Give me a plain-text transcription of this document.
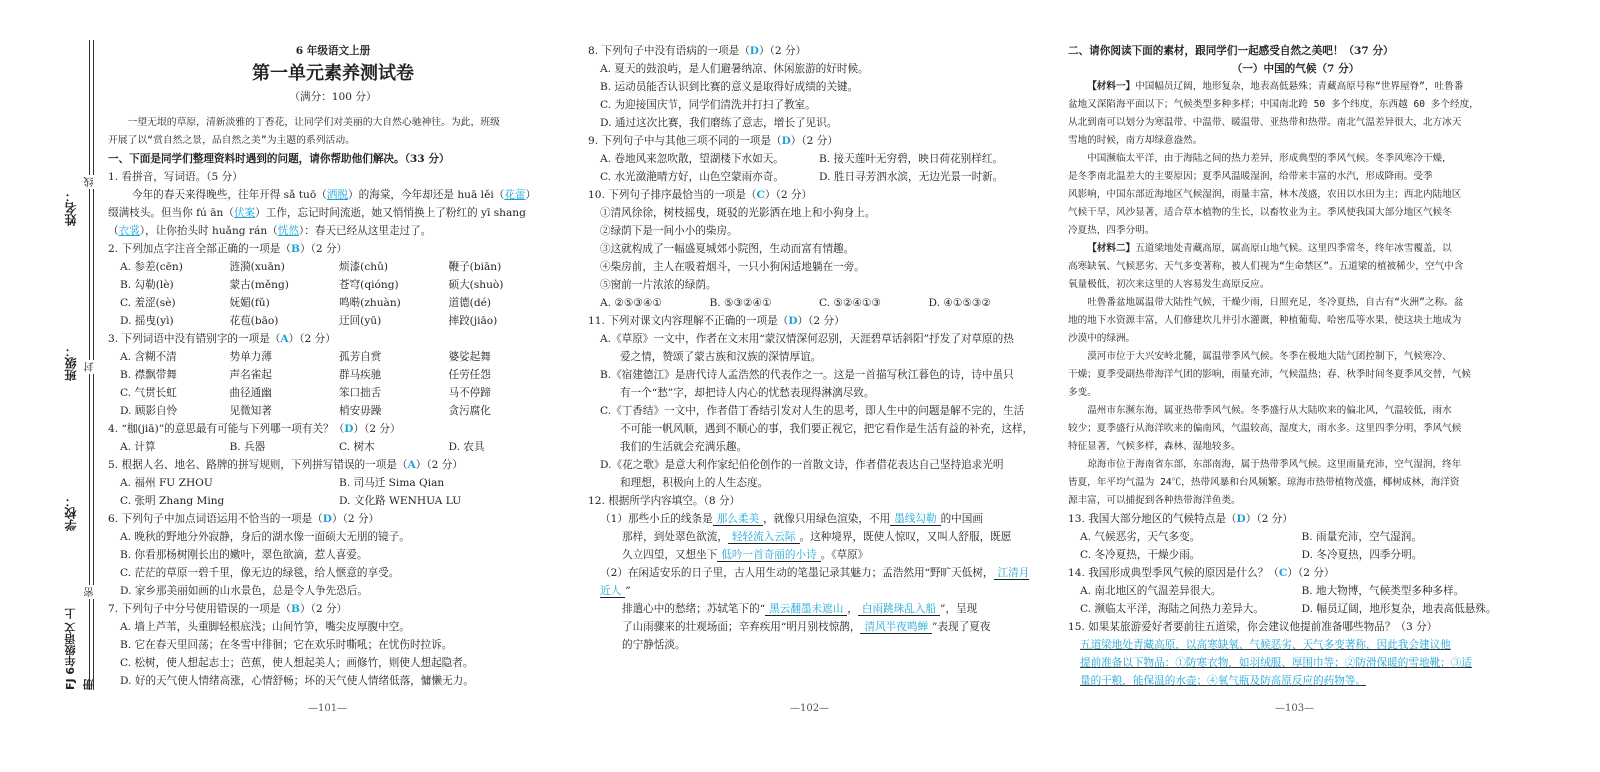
姓名：
班级：
学校：
FJ 6年级语文 上册
线
封
密
6 年级语文上册
第一单元素养测试卷
（满分：100 分）
一望无垠的草原，清新淡雅的丁香花，让同学们对美丽的大自然心驰神往。为此，班级
开展了以“赏自然之景，品自然之美”为主题的系列活动。
一、下面是同学们整理资料时遇到的问题，请你帮助他们解决。（33 分）
1. 看拼音，写词语。（5 分）
今年的春天来得晚些，往年开得 sǎ tuō（洒脱）的海棠，今年却还是 huā lěi（花蕾）
缀满枝头。但当你 fú ān（伏案）工作，忘记时间流逝，她又悄悄换上了粉红的 yī shang
（衣裳），让你抬头时 huǎng rán（恍然）：春天已经从这里走过了。
2. 下列加点字注音全部正确的一项是（B）（2 分）
A. 参差(cēn)	涟漪(xuān)	烦漆(chǔ)	鞭子(biān)
B. 勾勒(lè)	蒙古(měng)	苍穹(qióng)	硕大(shuò)
C. 羞涩(sè)	妩媚(fǔ)	鸣啭(zhuàn)	道德(dé)
D. 摇曳(yì)	花苞(bāo)	迂回(yū)	摔跤(jiāo)
3. 下列词语中没有错别字的一项是（A）（2 分）
A. 含糊不清	势单力薄	孤芳自赏	婆娑起舞
B. 襟飘带舞	声名雀起	群马疾驰	任劳任怨
C. 气贯长虹	曲径通幽	笨口拙舌	马不停蹄
D. 顾影自怜	见微知著	梢安毋躁	贪污腐化
4. “枷(jiā)”的意思最有可能与下列哪一项有关？（D）（2 分）
A. 计算	B. 兵器	C. 树木	D. 农具
5. 根据人名、地名、路牌的拼写规则，下列拼写错误的一项是（A）（2 分）
A. 福州 FU ZHOU	B. 司马迁 Sima Qian
C. 张明 Zhang Ming	D. 文化路 WENHUA LU
6. 下列句子中加点词语运用不恰当的一项是（D）（2 分）
A. 晚秋的野地分外寂静，身后的湖水像一面硕大无朋的镜子。
B. 你看那杨树刚长出的嫩叶，翠色欲滴，惹人喜爱。
C. 茫茫的草原一碧千里，像无边的绿毯，给人惬意的享受。
D. 家乡那美丽如画的山水景色，总是令人争先恐后。
7. 下列句子中分号使用错误的一项是（B）（2 分）
A. 墙上芦苇，头重脚轻根底浅；山间竹笋，嘴尖皮厚腹中空。
B. 它在春天里回荡；在冬雪中徘徊；它在欢乐时嘶吼；在忧伤时拉诉。
C. 松树，使人想起志士；芭蕉，使人想起美人；画修竹，则使人想起隐者。
D. 好的天气使人情绪高涨，心情舒畅；坏的天气使人情绪低落，慵懒无力。
—101—
8. 下列句子中没有语病的一项是（D）（2 分）
A. 夏天的鼓浪屿，是人们避暑纳凉、休闲旅游的好时候。
B. 运动员能否认识到比赛的意义是取得好成绩的关键。
C. 为迎接国庆节，同学们清洗并打扫了教室。
D. 通过这次比赛，我们磨练了意志，增长了见识。
9. 下列句子中与其他三项不同的一项是（D）（2 分）
A. 卷地风来忽吹散，望湖楼下水如天。	B. 接天莲叶无穷碧，映日荷花别样红。
C. 水光潋滟晴方好，山色空蒙雨亦奇。	D. 胜日寻芳泗水滨，无边光景一时新。
10. 下列句子排序最恰当的一项是（C）（2 分）
①清风徐徐，树枝摇曳，斑驳的光影洒在地上和小狗身上。
②绿荫下是一间小小的柴房。
③这就构成了一幅盛夏城郊小院图，生动而富有情趣。
④柴房前，主人在吸着烟斗，一只小狗闲适地躺在一旁。
⑤窗前一片浓浓的绿荫。
A. ②⑤③④①	B. ⑤③②④①	C. ⑤②④①③	D. ④①⑤③②
11. 下列对课文内容理解不正确的一项是（D）（2 分）
A.《草原》一文中，作者在文末用“蒙汉情深何忍别，天涯碧草话斜阳”抒发了对草原的热
爱之情，赞颂了蒙古族和汉族的深情厚谊。
B.《宿建德江》是唐代诗人孟浩然的代表作之一。这是一首描写秋江暮色的诗，诗中虽只
有一个“愁”字，却把诗人内心的忧愁表现得淋漓尽致。
C.《丁香结》一文中，作者借丁香结引发对人生的思考，即人生中的问题是解不完的，生活
不可能一帆风顺，遇到不顺心的事，我们要正视它，把它看作是生活有益的补充，这样，
我们的生活就会充满乐趣。
D.《花之歌》是意大利作家纪伯伦创作的一首散文诗，作者借花表达自己坚持追求光明
和理想，积极向上的人生态度。
12. 根据所学内容填空。（8 分）
（1）那些小丘的线条是 那么柔美 ，就像只用绿色渲染，不用 墨线勾勒 的中国画
那样，到处翠色欲流， 轻轻流入云际 。这种境界，既使人惊叹，又叫人舒服，既愿
久立四望，又想坐下 低吟一首奇丽的小诗 。《草原》
（2）在闲适安乐的日子里，古人用生动的笔墨记录其魅力；孟浩然用“野旷天低树， 江清月近人 ”
排遣心中的愁绪；苏轼笔下的“ 黑云翻墨未遮山 ， 白雨跳珠乱入船 ”，呈现
了山雨骤来的壮观场面；辛弃疾用“明月别枝惊鹊， 清风半夜鸣蝉 ”表现了夏夜
的宁静恬淡。
—102—
二、请你阅读下面的素材，跟同学们一起感受自然之美吧！（37 分）
（一）中国的气候（7 分）
【材料一】中国幅员辽阔，地形复杂，地表高低悬殊；青藏高原号称“世界屋脊”，吐鲁番
盆地又深陷海平面以下；气候类型多种多样；中国南北跨 50 多个纬度，东西越 60 多个经度，
从北到南可以划分为寒温带、中温带、暖温带、亚热带和热带。南北气温差异很大，北方冰天
雪地的时候，南方却绿意盎然。
中国濒临太平洋，由于海陆之间的热力差异，形成典型的季风气候。冬季风寒冷干燥，
是冬季南北温差大的主要原因；夏季风温暖湿润，给带来丰富的水汽，形成降雨。受季
风影响，中国东部近海地区气候湿润，雨量丰富，林木茂盛，农田以水田为主；西北内陆地区
气候干旱，风沙显著，适合草本植物的生长，以畜牧业为主。季风使我国大部分地区气候冬
冷夏热，四季分明。
【材料二】五道梁地处青藏高原，属高原山地气候。这里四季常冬，终年冰雪覆盖，以
高寒缺氧、气候恶劣、天气多变著称，被人们视为“生命禁区”。五道梁的植被稀少，空气中含
氧量极低，初次来这里的人容易发生高原反应。
吐鲁番盆地属温带大陆性气候，干燥少雨，日照充足，冬冷夏热，自古有“火洲”之称。盆
地的地下水资源丰富，人们修建坎儿井引水灌溉，种植葡萄、哈密瓜等水果，使这块土地成为
沙漠中的绿洲。
漠河市位于大兴安岭北麓，属温带季风气候。冬季在极地大陆气团控制下，气候寒冷、
干燥；夏季受副热带海洋气团的影响，雨量充沛，气候温热；春、秋季时间冬夏季风交替，气候
多变。
温州市东濒东海，属亚热带季风气候。冬季盛行从大陆吹来的偏北风，气温较低，雨水
较少；夏季盛行从海洋吹来的偏南风，气温较高，湿度大，雨水多。这里四季分明，季风气候
特征显著，气候多样，森林、湿地较多。
琼海市位于海南省东部，东部南海，属于热带季风气候。这里雨量充沛，空气湿润，终年
皆夏，年平均气温为 24℃，热带风暴和台风频繁。琼海市热带植物茂盛，椰树成林，海洋资
源丰富，可以捕捉到各种热带海洋鱼类。
13. 我国大部分地区的气候特点是（D）（2 分）
A. 气候恶劣，天气多变。	B. 雨量充沛，空气湿润。
C. 冬冷夏热，干燥少雨。	D. 冬冷夏热，四季分明。
14. 我国形成典型季风气候的原因是什么？（C）（2 分）
A. 南北地区的气温差异很大。	B. 地大物博，气候类型多种多样。
C. 濒临太平洋，海陆之间热力差异大。	D. 幅员辽阔，地形复杂，地表高低悬殊。
15. 如果某旅游爱好者要前往五道梁，你会建议他提前准备哪些物品？（3 分）
五道梁地处青藏高原，以高寒缺氧、气候恶劣、天气多变著称，因此我会建议他
提前准备以下物品：①防寒衣物，如羽绒服、厚围巾等；②防滑保暖的雪地靴；③适
量的干粮，能保温的水壶；④氧气瓶及防高原反应的药物等。
—103—
